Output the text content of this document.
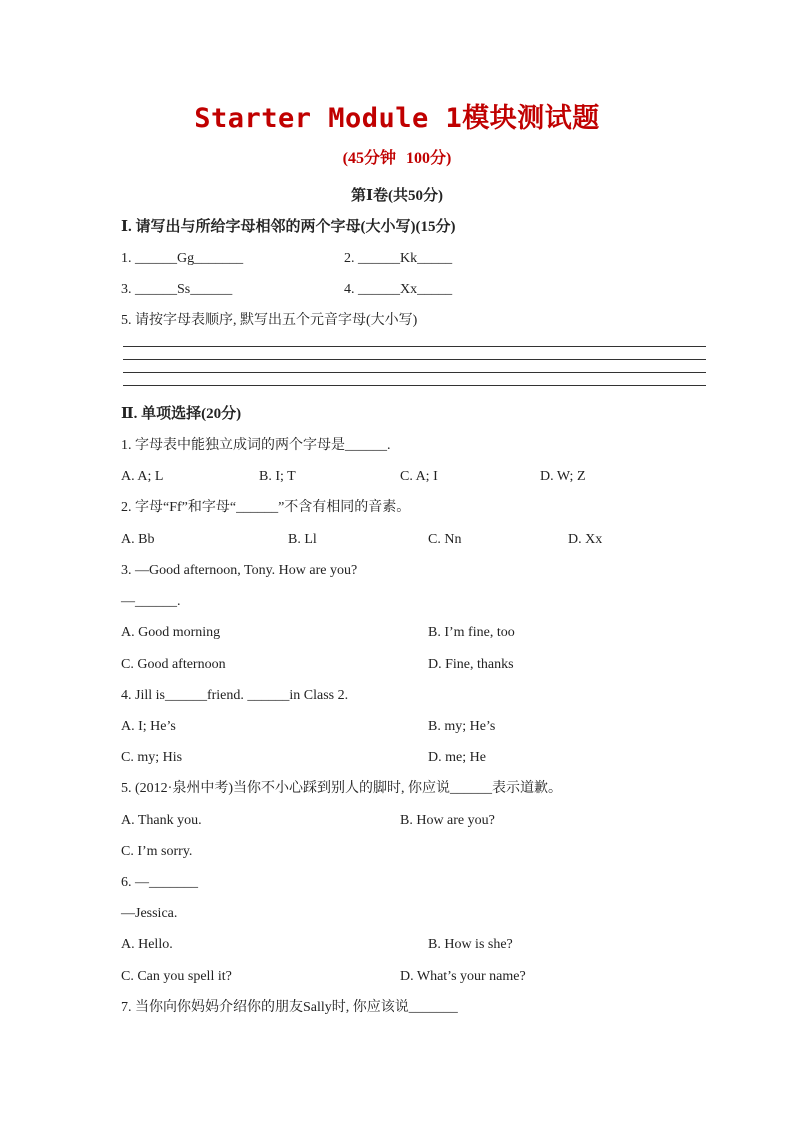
Starter Module 1模块测试题
(45分钟 100分)
第Ⅰ卷(共50分)
Ⅰ. 请写出与所给字母相邻的两个字母(大小写)(15分)
1. ______Gg_______	2. ______Kk_____
3. ______Ss______	4. ______Xx_____
5. 请按字母表顺序, 默写出五个元音字母(大小写)
Ⅱ. 单项选择(20分)
1. 字母表中能独立成词的两个字母是______.
A. A; L	B. I; T	C. A; I	D. W; Z
2. 字母“Ff”和字母“______”不含有相同的音素。
A. Bb	B. Ll	C. Nn	D. Xx
3. —Good afternoon, Tony. How are you?
—______.
A. Good morning	B. I’m fine, too
C. Good afternoon	D. Fine, thanks
4. Jill is______friend. ______in Class 2.
A. I; He’s	B. my; He’s
C. my; His	D. me; He
5. (2012·泉州中考)当你不小心踩到别人的脚时, 你应说______表示道歉。
A. Thank you.	B. How are you?
C. I’m sorry.
6. —_______
—Jessica.
A. Hello.	B. How is she?
C. Can you spell it?	D. What’s your name?
7. 当你向你妈妈介绍你的朋友Sally时, 你应该说_______
